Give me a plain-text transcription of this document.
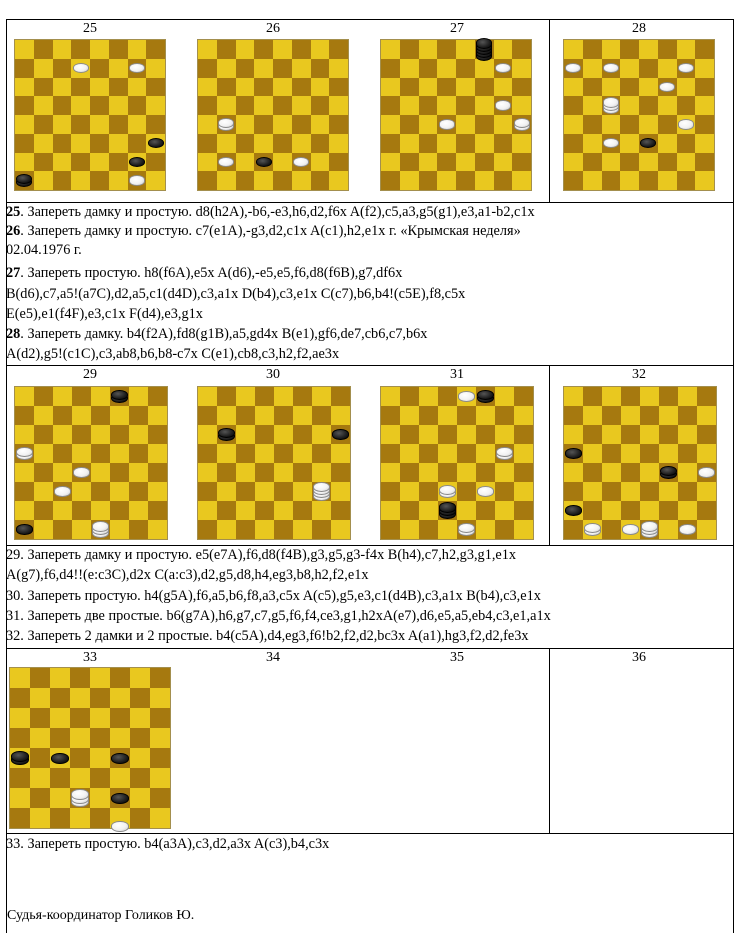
25	26	27	28
29	30	31	32
33	34	35	36
25. Запереть дамку и простую. d8(h2A),-b6,-e3,h6,d2,f6x A(f2),c5,a3,g5(g1),e3,a1-b2,c1x
26. Запереть дамку и простую. c7(e1A),-g3,d2,c1x A(c1),h2,e1x г. «Крымская неделя»
02.04.1976 г.
27. Запереть простую. h8(f6A),e5x A(d6),-e5,e5,f6,d8(f6B),g7,df6x
B(d6),c7,a5!(a7C),d2,a5,c1(d4D),c3,a1x D(b4),c3,e1x C(c7),b6,b4!(c5E),f8,c5x
E(e5),e1(f4F),e3,c1x F(d4),e3,g1x
28. Запереть дамку. b4(f2A),fd8(g1B),a5,gd4x B(e1),gf6,de7,cb6,c7,b6x
A(d2),g5!(c1C),c3,ab8,b6,b8-c7x C(e1),cb8,c3,h2,f2,ae3x
29. Запереть дамку и простую. e5(e7A),f6,d8(f4B),g3,g5,g3-f4x B(h4),c7,h2,g3,g1,e1x
A(g7),f6,d4!!(e:c3C),d2x C(a:c3),d2,g5,d8,h4,eg3,b8,h2,f2,e1x
30. Запереть простую. h4(g5A),f6,a5,b6,f8,a3,c5x A(c5),g5,e3,c1(d4B),c3,a1x B(b4),c3,e1x
31. Запереть две простые. b6(g7A),h6,g7,c7,g5,f6,f4,ce3,g1,h2xA(e7),d6,e5,a5,eb4,c3,e1,a1x
32. Запереть 2 дамки и 2 простые. b4(c5A),d4,eg3,f6!b2,f2,d2,bc3x A(a1),hg3,f2,d2,fe3x
33. Запереть простую. b4(a3A),c3,d2,a3x A(c3),b4,c3x
Судья-координатор Голиков Ю.
